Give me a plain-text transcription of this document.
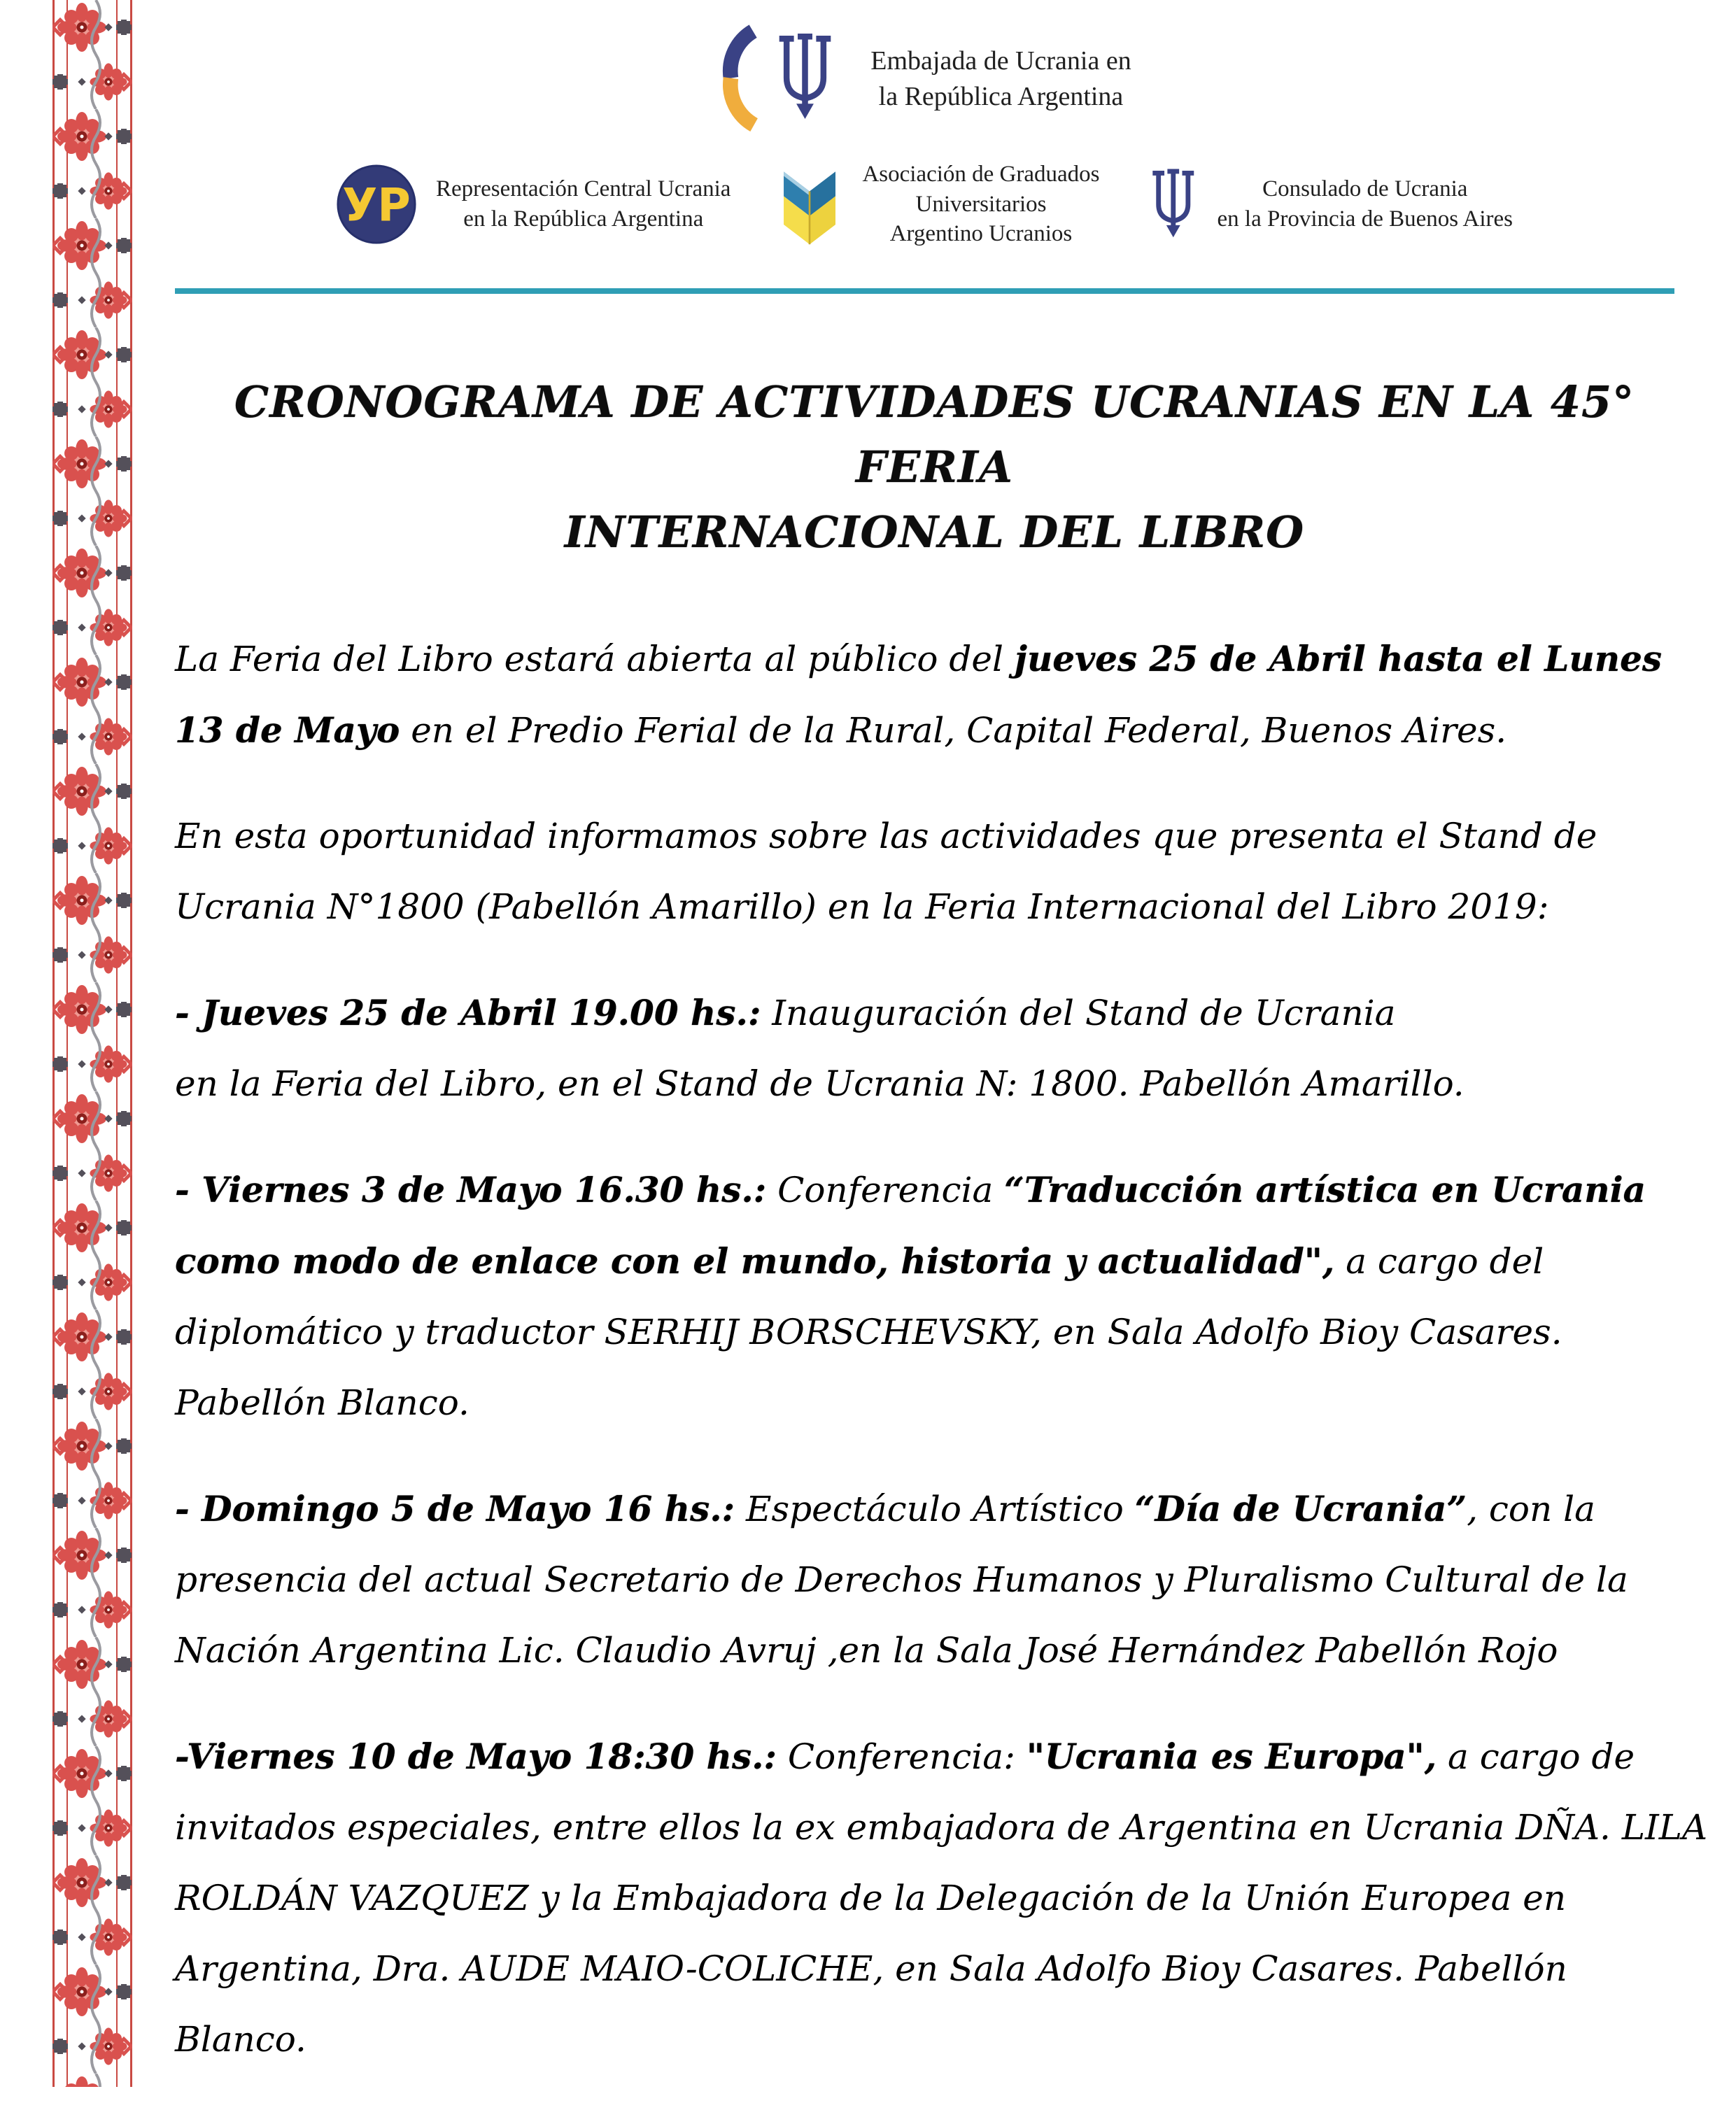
Embajada de Ucrania en
la República Argentina
УР Representación Central Ucrania
en la República Argentina
Asociación de Graduados
Universitarios
Argentino Ucranios
Consulado de Ucrania
en la Provincia de Buenos Aires
CRONOGRAMA DE ACTIVIDADES UCRANIAS EN LA 45° FERIA
INTERNACIONAL DEL LIBRO
La Feria del Libro estará abierta al público del jueves 25 de Abril hasta el Lunes 13 de Mayo en el Predio Ferial de la Rural, Capital Federal, Buenos Aires.
En esta oportunidad informamos sobre las actividades que presenta el Stand de Ucrania N°1800 (Pabellón Amarillo) en la Feria Internacional del Libro 2019:
- Jueves 25 de Abril 19.00 hs.: Inauguración del Stand de Ucrania
en la Feria del Libro, en el Stand de Ucrania N: 1800. Pabellón Amarillo.
- Viernes 3 de Mayo 16.30 hs.: Conferencia “Traducción artística en Ucrania como modo de enlace con el mundo, historia y actualidad", a cargo del diplomático y traductor SERHIJ BORSCHEVSKY, en Sala Adolfo Bioy Casares. Pabellón Blanco.
- Domingo 5 de Mayo 16 hs.: Espectáculo Artístico “Día de Ucrania”, con la presencia del actual Secretario de Derechos Humanos y Pluralismo Cultural de la Nación Argentina Lic. Claudio Avruj ,en la Sala José Hernández Pabellón Rojo
-Viernes 10 de Mayo 18:30 hs.: Conferencia: "Ucrania es Europa", a cargo de invitados especiales, entre ellos la ex embajadora de Argentina en Ucrania DÑA. LILA ROLDÁN VAZQUEZ y la Embajadora de la Delegación de la Unión Europea en Argentina, Dra. AUDE MAIO-COLICHE, en Sala Adolfo Bioy Casares. Pabellón Blanco.
